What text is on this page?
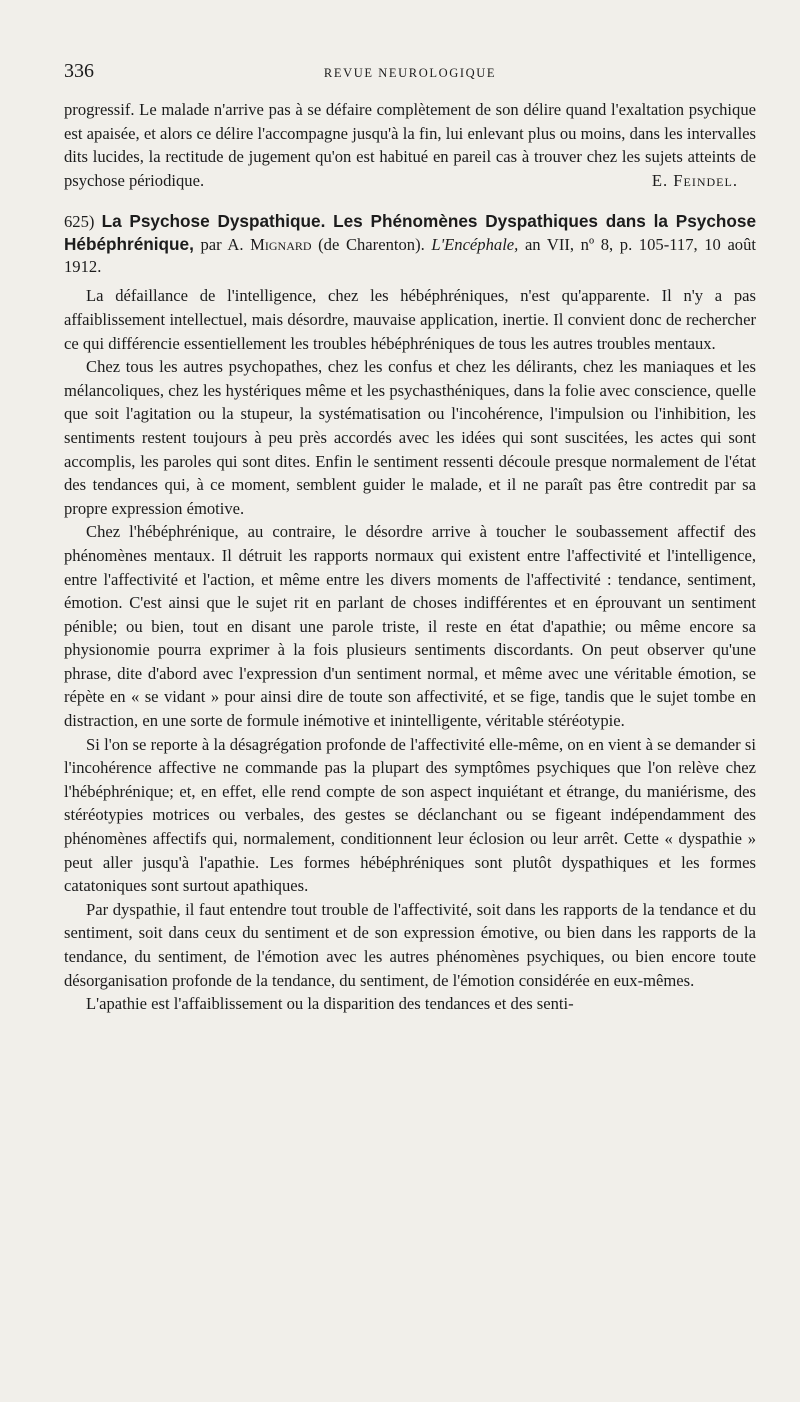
336	REVUE NEUROLOGIQUE

progressif. Le malade n'arrive pas à se défaire complètement de son délire quand l'exaltation psychique est apaisée, et alors ce délire l'accompagne jusqu'à la fin, lui enlevant plus ou moins, dans les intervalles dits lucides, la rectitude de jugement qu'on est habitué en pareil cas à trouver chez les sujets atteints de psychose périodique.	E. Feindel.
625) La Psychose Dyspathique. Les Phénomènes Dyspathiques dans la Psychose Hébéphrénique, par A. Mignard (de Charenton). L'Encéphale, an VII, nº 8, p. 105-117, 10 août 1912.

La défaillance de l'intelligence, chez les hébéphréniques, n'est qu'apparente. Il n'y a pas affaiblissement intellectuel, mais désordre, mauvaise application, inertie. Il convient donc de rechercher ce qui différencie essentiellement les troubles hébéphréniques de tous les autres troubles mentaux.

Chez tous les autres psychopathes, chez les confus et chez les délirants, chez les maniaques et les mélancoliques, chez les hystériques même et les psychasthéniques, dans la folie avec conscience, quelle que soit l'agitation ou la stupeur, la systématisation ou l'incohérence, l'impulsion ou l'inhibition, les sentiments restent toujours à peu près accordés avec les idées qui sont suscitées, les actes qui sont accomplis, les paroles qui sont dites. Enfin le sentiment ressenti découle presque normalement de l'état des tendances qui, à ce moment, semblent guider le malade, et il ne paraît pas être contredit par sa propre expression émotive.

Chez l'hébéphrénique, au contraire, le désordre arrive à toucher le soubassement affectif des phénomènes mentaux. Il détruit les rapports normaux qui existent entre l'affectivité et l'intelligence, entre l'affectivité et l'action, et même entre les divers moments de l'affectivité : tendance, sentiment, émotion. C'est ainsi que le sujet rit en parlant de choses indifférentes et en éprouvant un sentiment pénible; ou bien, tout en disant une parole triste, il reste en état d'apathie; ou même encore sa physionomie pourra exprimer à la fois plusieurs sentiments discordants. On peut observer qu'une phrase, dite d'abord avec l'expression d'un sentiment normal, et même avec une véritable émotion, se répète en « se vidant » pour ainsi dire de toute son affectivité, et se fige, tandis que le sujet tombe en distraction, en une sorte de formule inémotive et inintelligente, véritable stéréotypie.

Si l'on se reporte à la désagrégation profonde de l'affectivité elle-même, on en vient à se demander si l'incohérence affective ne commande pas la plupart des symptômes psychiques que l'on relève chez l'hébéphrénique; et, en effet, elle rend compte de son aspect inquiétant et étrange, du maniérisme, des stéréotypies motrices ou verbales, des gestes se déclanchant ou se figeant indépendamment des phénomènes affectifs qui, normalement, conditionnent leur éclosion ou leur arrêt. Cette « dyspathie » peut aller jusqu'à l'apathie. Les formes hébéphréniques sont plutôt dyspathiques et les formes catatoniques sont surtout apathiques.

Par dyspathie, il faut entendre tout trouble de l'affectivité, soit dans les rapports de la tendance et du sentiment, soit dans ceux du sentiment et de son expression émotive, ou bien dans les rapports de la tendance, du sentiment, de l'émotion avec les autres phénomènes psychiques, ou bien encore toute désorganisation profonde de la tendance, du sentiment, de l'émotion considérée en eux-mêmes.

L'apathie est l'affaiblissement ou la disparition des tendances et des senti-
